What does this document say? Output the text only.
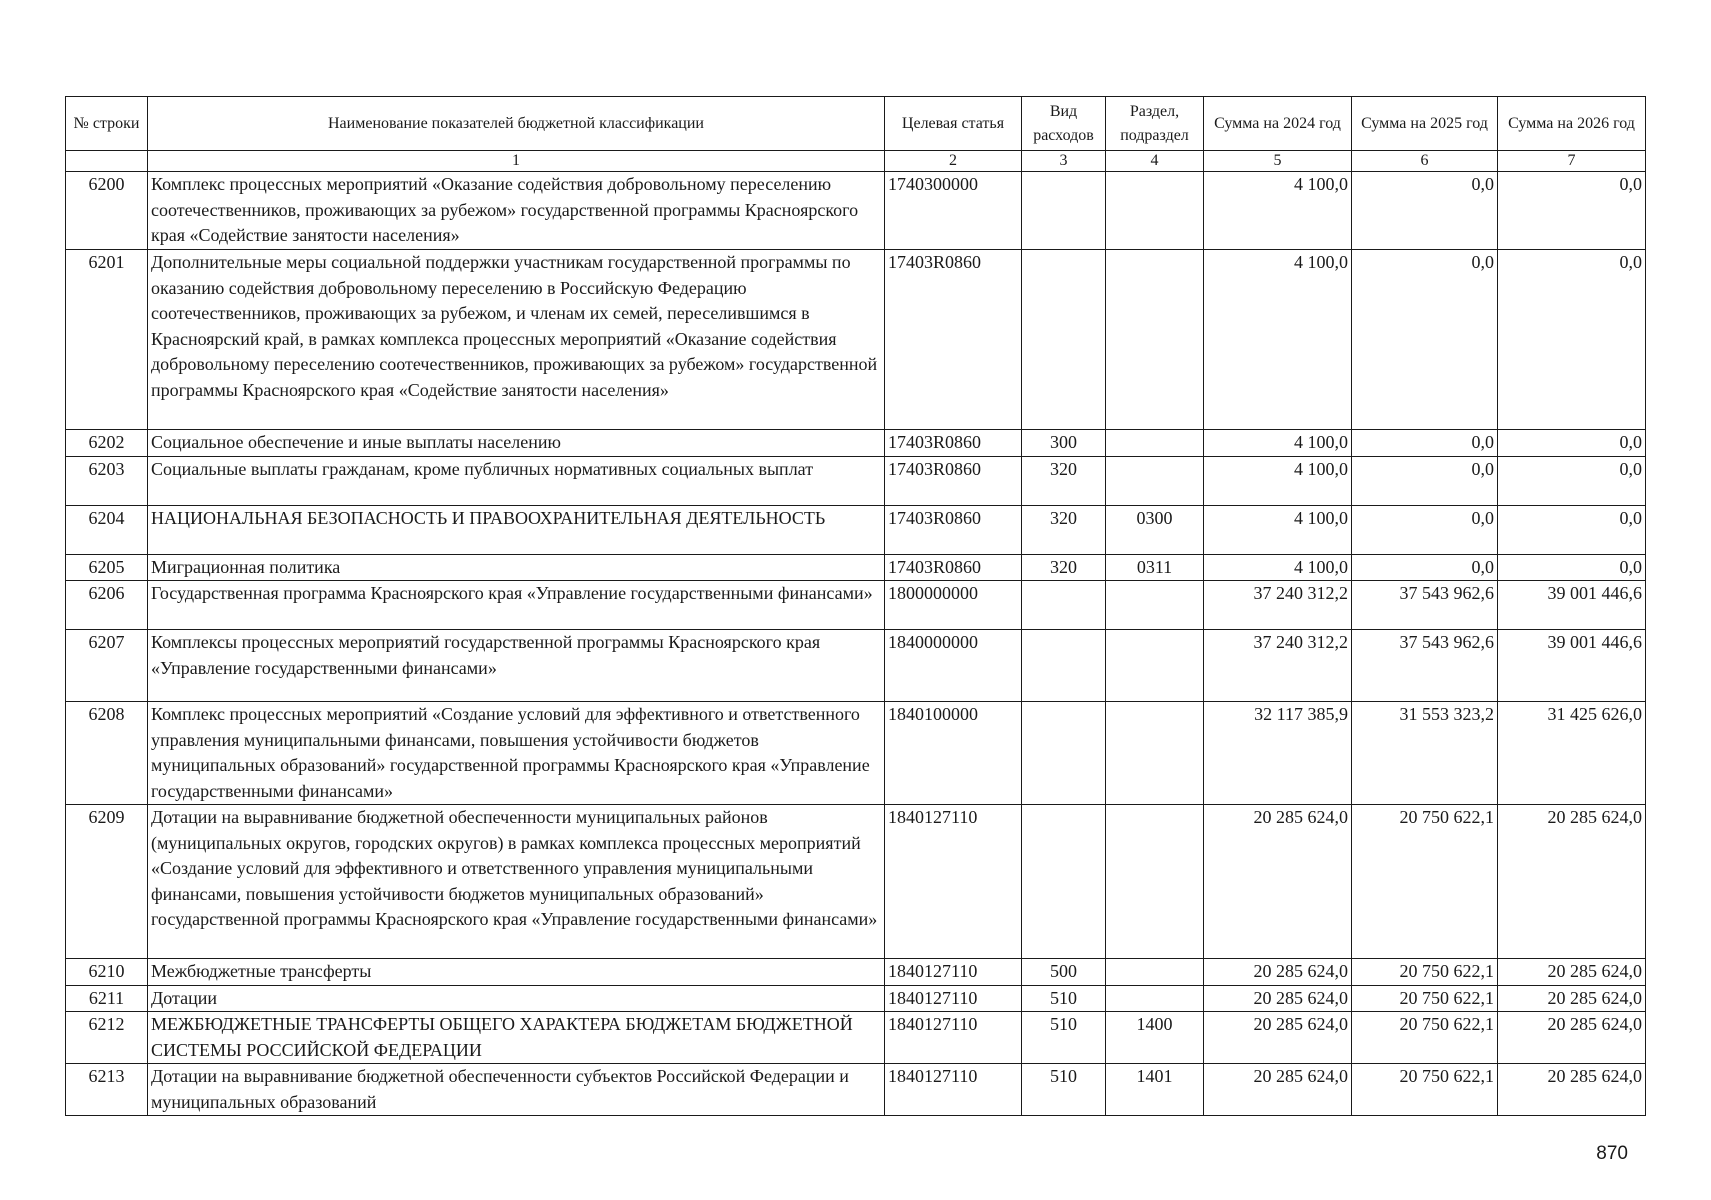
№ строки	Наименование показателей бюджетной классификации	Целевая статья	Вид расходов	Раздел, подраздел	Сумма на 2024 год	Сумма на 2025 год	Сумма на 2026 год
	1	2	3	4	5	6	7
6200	Комплекс процессных мероприятий «Оказание содействия добровольному переселению соотечественников, проживающих за рубежом» государственной программы Красноярского края «Содействие занятости населения»	1740300000			4 100,0	0,0	0,0
6201	Дополнительные меры социальной поддержки участникам государственной программы по оказанию содействия добровольному переселению в Российскую Федерацию соотечественников, проживающих за рубежом, и членам их семей, переселившимся в Красноярский край, в рамках комплекса процессных мероприятий «Оказание содействия добровольному переселению соотечественников, проживающих за рубежом» государственной программы Красноярского края «Содействие занятости населения»	17403R0860			4 100,0	0,0	0,0
6202	Социальное обеспечение и иные выплаты населению	17403R0860	300		4 100,0	0,0	0,0
6203	Социальные выплаты гражданам, кроме публичных нормативных социальных выплат	17403R0860	320		4 100,0	0,0	0,0
6204	НАЦИОНАЛЬНАЯ БЕЗОПАСНОСТЬ И ПРАВООХРАНИТЕЛЬНАЯ ДЕЯТЕЛЬНОСТЬ	17403R0860	320	0300	4 100,0	0,0	0,0
6205	Миграционная политика	17403R0860	320	0311	4 100,0	0,0	0,0
6206	Государственная программа Красноярского края «Управление государственными финансами»	1800000000			37 240 312,2	37 543 962,6	39 001 446,6
6207	Комплексы процессных мероприятий государственной программы Красноярского края «Управление государственными финансами»	1840000000			37 240 312,2	37 543 962,6	39 001 446,6
6208	Комплекс процессных мероприятий «Создание условий для эффективного и ответственного управления муниципальными финансами, повышения устойчивости бюджетов муниципальных образований» государственной программы Красноярского края «Управление государственными финансами»	1840100000			32 117 385,9	31 553 323,2	31 425 626,0
6209	Дотации на выравнивание бюджетной обеспеченности муниципальных районов (муниципальных округов, городских округов) в рамках комплекса процессных мероприятий «Создание условий для эффективного и ответственного управления муниципальными финансами, повышения устойчивости бюджетов муниципальных образований» государственной программы Красноярского края «Управление государственными финансами»	1840127110			20 285 624,0	20 750 622,1	20 285 624,0
6210	Межбюджетные трансферты	1840127110	500		20 285 624,0	20 750 622,1	20 285 624,0
6211	Дотации	1840127110	510		20 285 624,0	20 750 622,1	20 285 624,0
6212	МЕЖБЮДЖЕТНЫЕ ТРАНСФЕРТЫ ОБЩЕГО ХАРАКТЕРА БЮДЖЕТАМ БЮДЖЕТНОЙ СИСТЕМЫ РОССИЙСКОЙ ФЕДЕРАЦИИ	1840127110	510	1400	20 285 624,0	20 750 622,1	20 285 624,0
6213	Дотации на выравнивание бюджетной обеспеченности субъектов Российской Федерации и муниципальных образований	1840127110	510	1401	20 285 624,0	20 750 622,1	20 285 624,0
870
